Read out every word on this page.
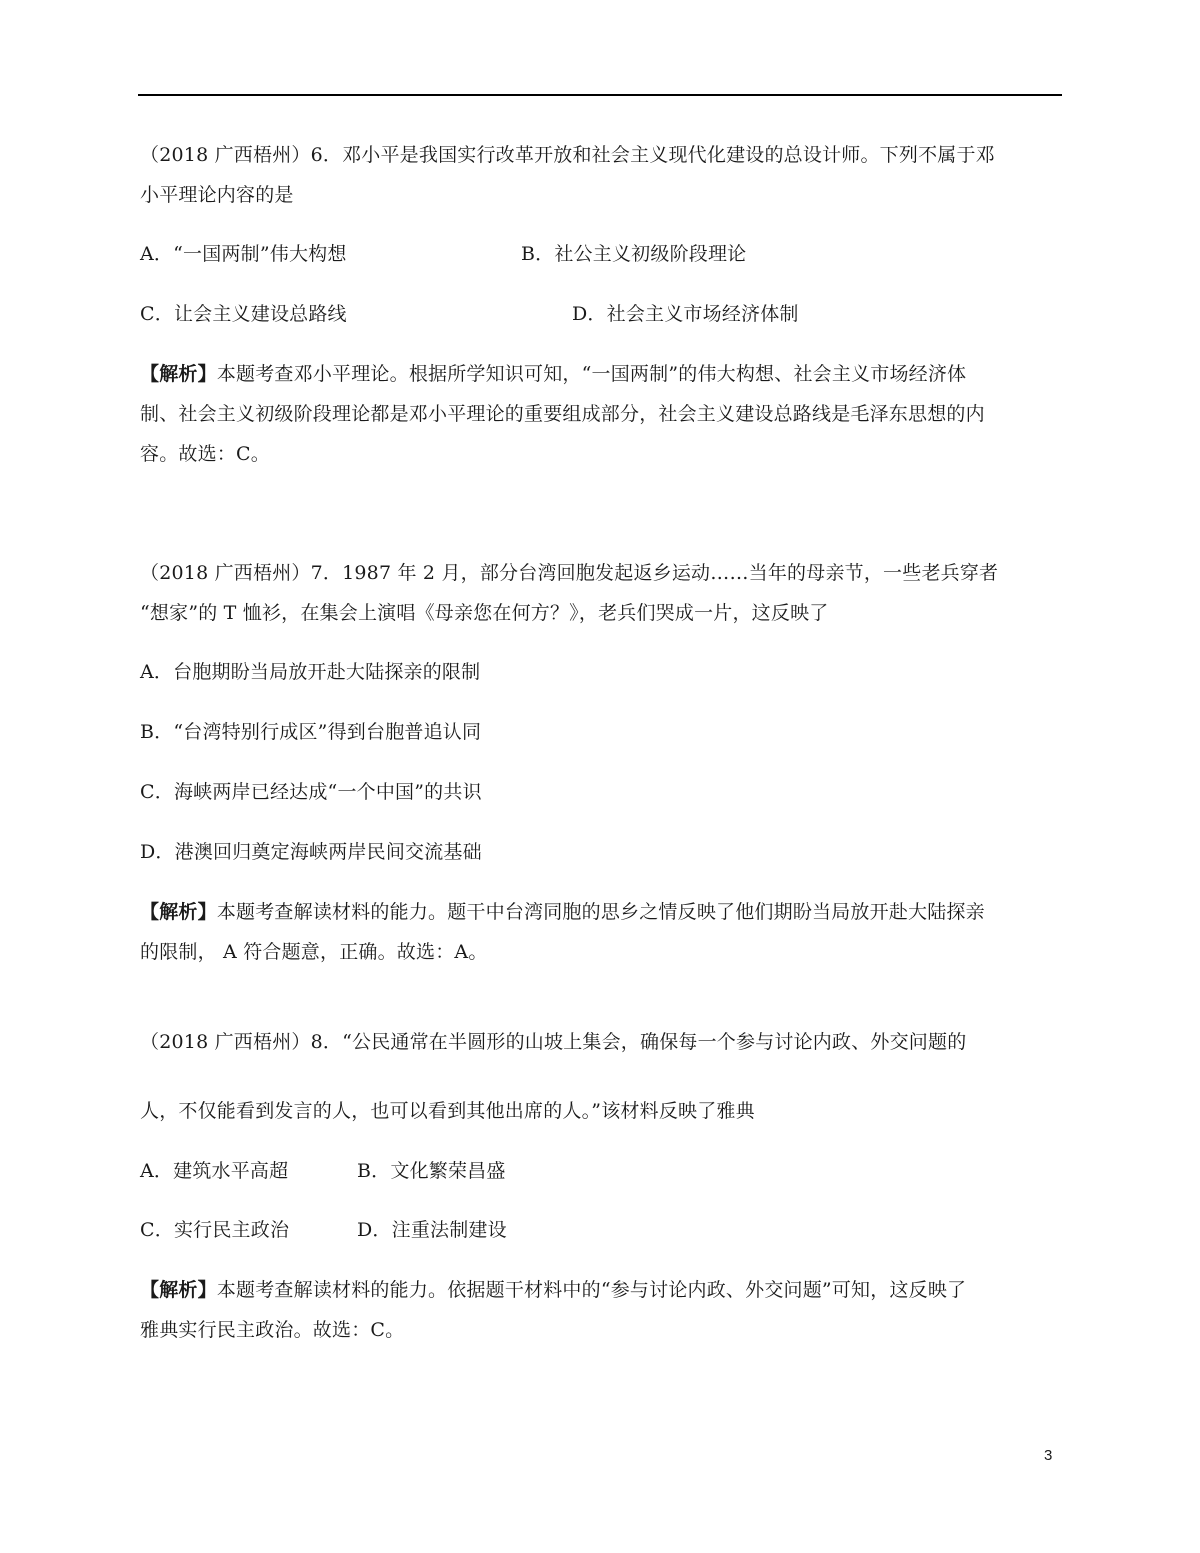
（2018 广西梧州）6．邓小平是我国实行改革开放和社会主义现代化建设的总设计师。下列不属于邓
小平理论内容的是
A．“一国两制”伟大构想	B．社公主义初级阶段理论
C．让会主义建设总路线	D．社会主义市场经济体制
【解析】本题考查邓小平理论。根据所学知识可知，“一国两制”的伟大构想、社会主义市场经济体
制、社会主义初级阶段理论都是邓小平理论的重要组成部分，社会主义建设总路线是毛泽东思想的内
容。故选：C。
（2018 广西梧州）7．1987 年 2 月，部分台湾回胞发起返乡运动……当年的母亲节，一些老兵穿者
“想家”的 T 恤衫，在集会上演唱《母亲您在何方？》，老兵们哭成一片，这反映了
A．台胞期盼当局放开赴大陆探亲的限制
B．“台湾特别行成区”得到台胞普追认同
C．海峡两岸已经达成“一个中国”的共识
D．港澳回归奠定海峡两岸民间交流基础
【解析】本题考查解读材料的能力。题干中台湾同胞的思乡之情反映了他们期盼当局放开赴大陆探亲
的限制， A 符合题意，正确。故选：A。
（2018 广西梧州）8．“公民通常在半圆形的山坡上集会，确保每一个参与讨论内政、外交问题的
人，不仅能看到发言的人，也可以看到其他出席的人。”该材料反映了雅典
A．建筑水平高超	B．文化繁荣昌盛
C．实行民主政治	D．注重法制建设
【解析】本题考查解读材料的能力。依据题干材料中的“参与讨论内政、外交问题”可知，这反映了
雅典实行民主政治。故选：C。
3
